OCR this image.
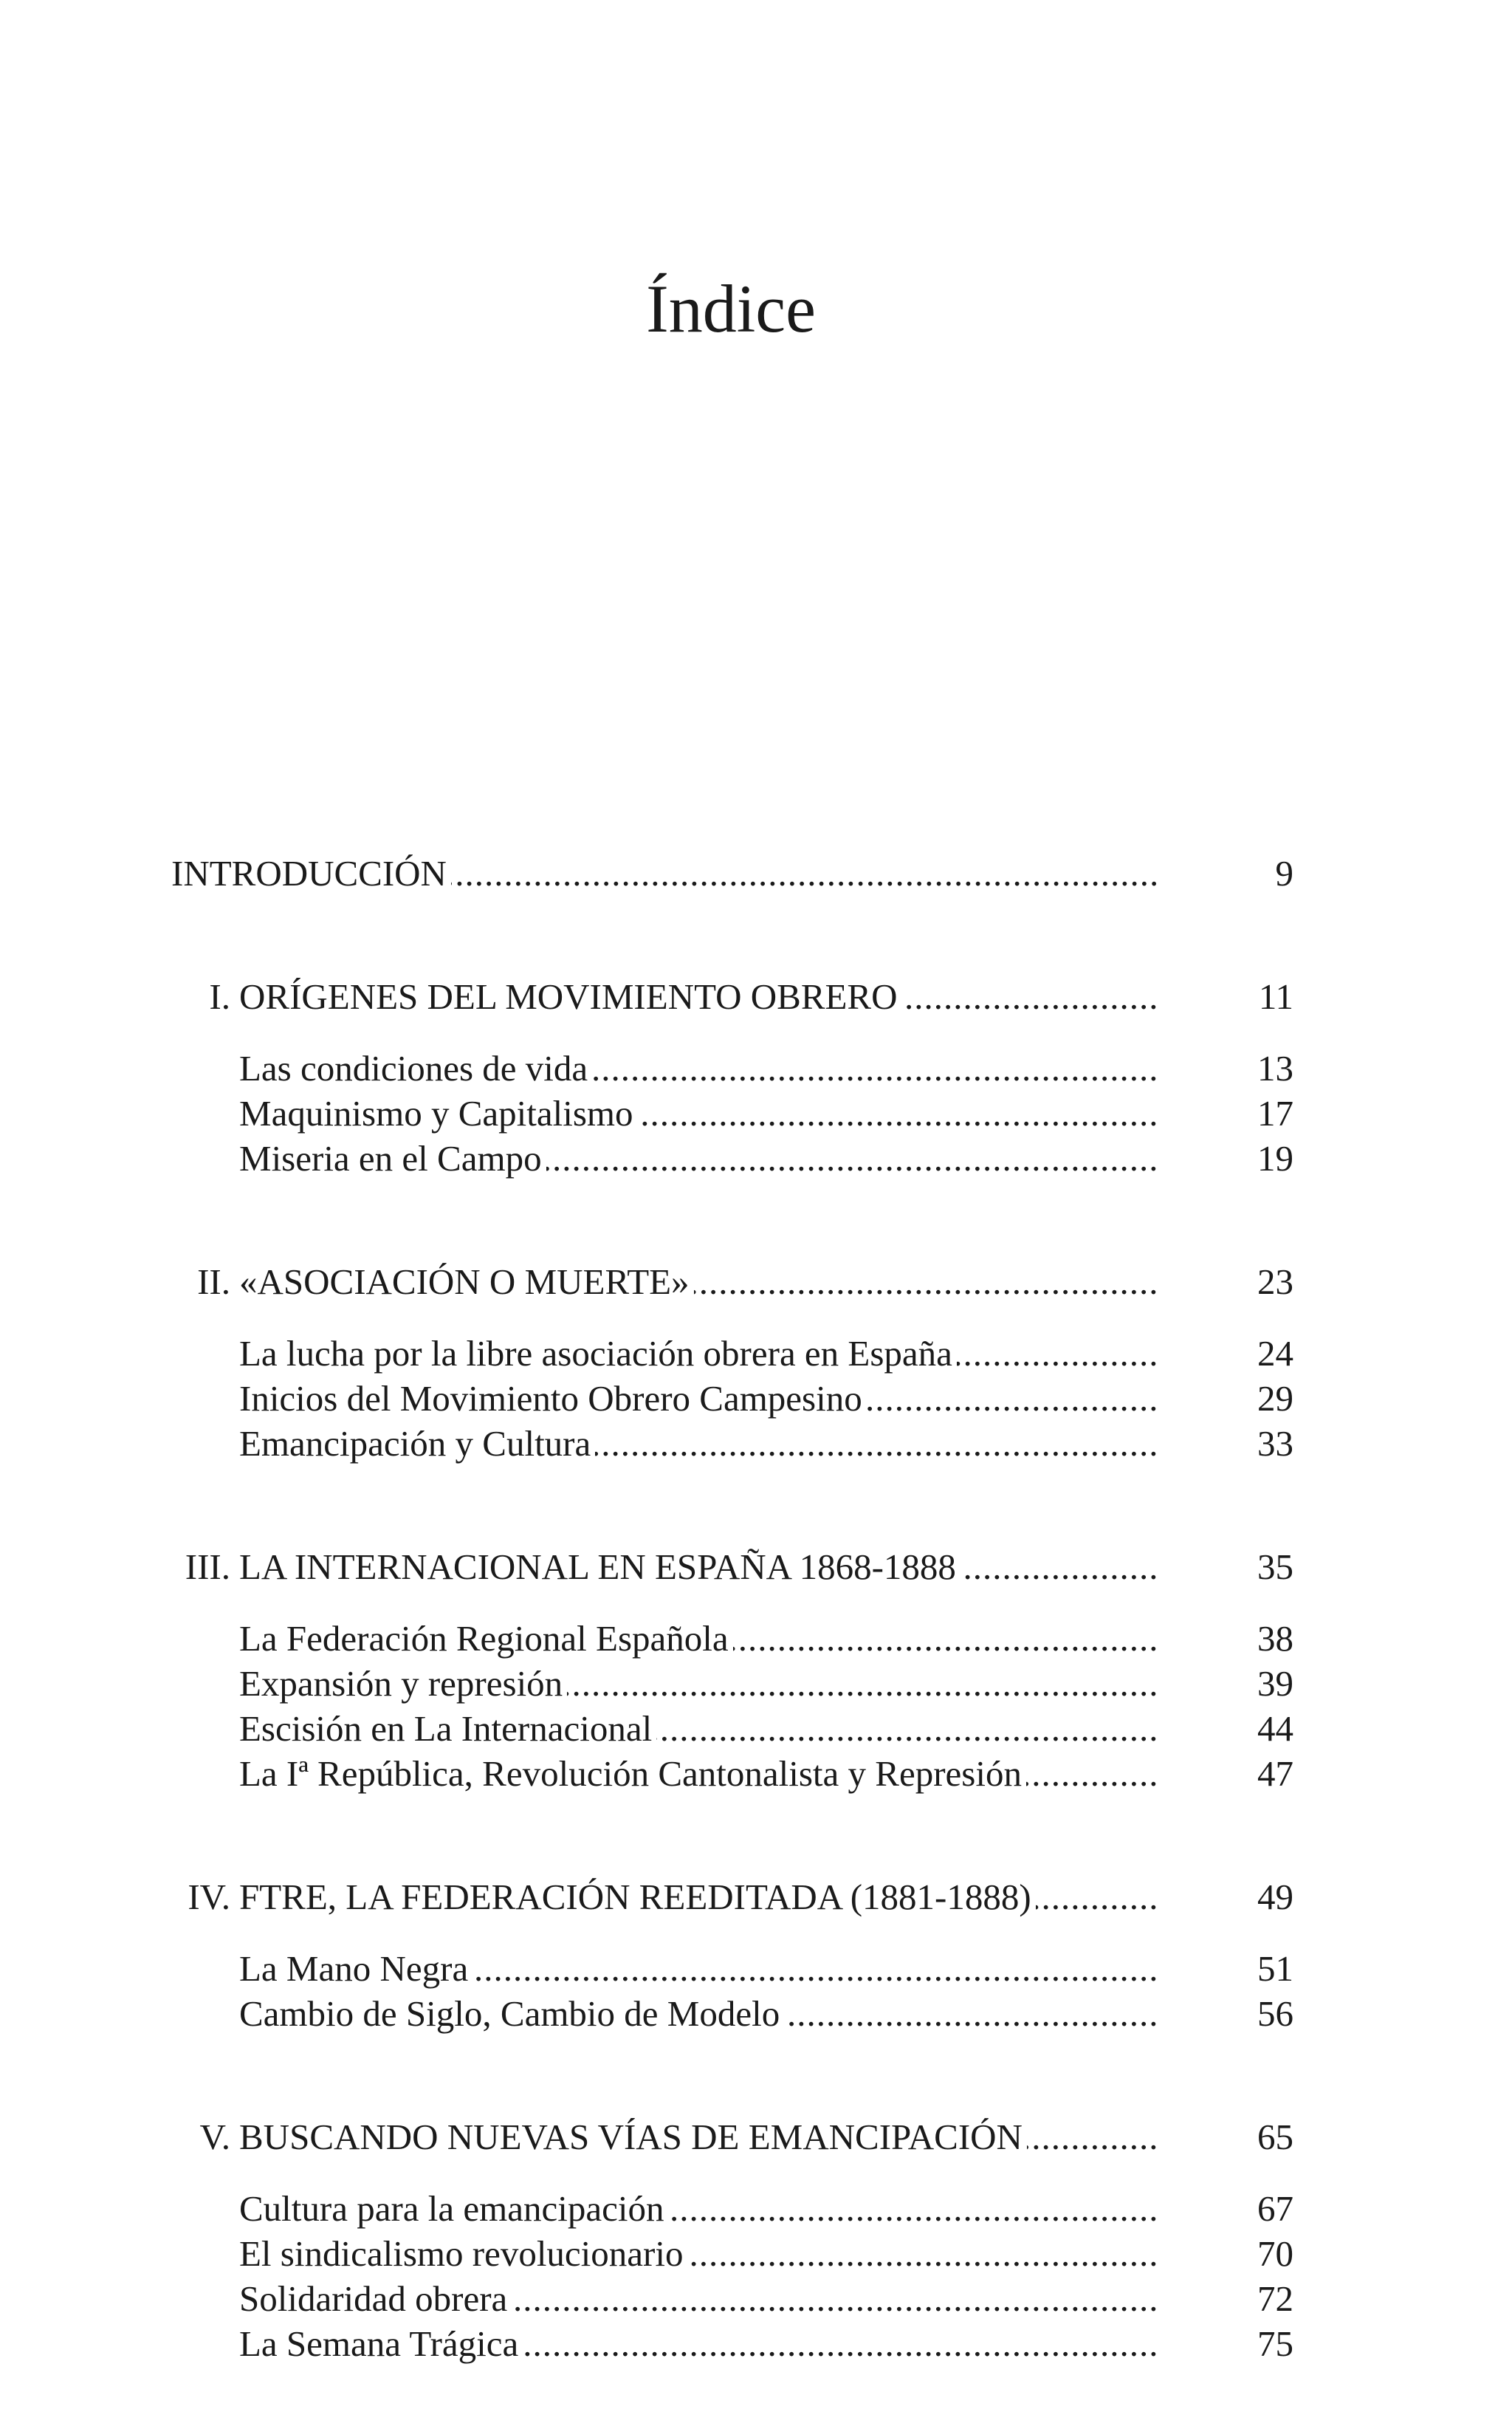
Índice
INTRODUCCIÓN .....	9
I. ORÍGENES DEL MOVIMIENTO OBRERO .....	11
Las condiciones de vida .....	13
Maquinismo y Capitalismo .....	17
Miseria en el Campo .....	19
II. «ASOCIACIÓN O MUERTE» .....	23
La lucha por la libre asociación obrera en España .....	24
Inicios del Movimiento Obrero Campesino .....	29
Emancipación y Cultura .....	33
III. LA INTERNACIONAL EN ESPAÑA 1868-1888 .....	35
La Federación Regional Española .....	38
Expansión y represión .....	39
Escisión en La Internacional .....	44
La Iª República, Revolución Cantonalista y Represión .....	47
IV. FTRE, LA FEDERACIÓN REEDITADA (1881-1888) .....	49
La Mano Negra .....	51
Cambio de Siglo, Cambio de Modelo .....	56
V. BUSCANDO NUEVAS VÍAS DE EMANCIPACIÓN .....	65
Cultura para la emancipación .....	67
El sindicalismo revolucionario .....	70
Solidaridad obrera .....	72
La Semana Trágica .....	75
